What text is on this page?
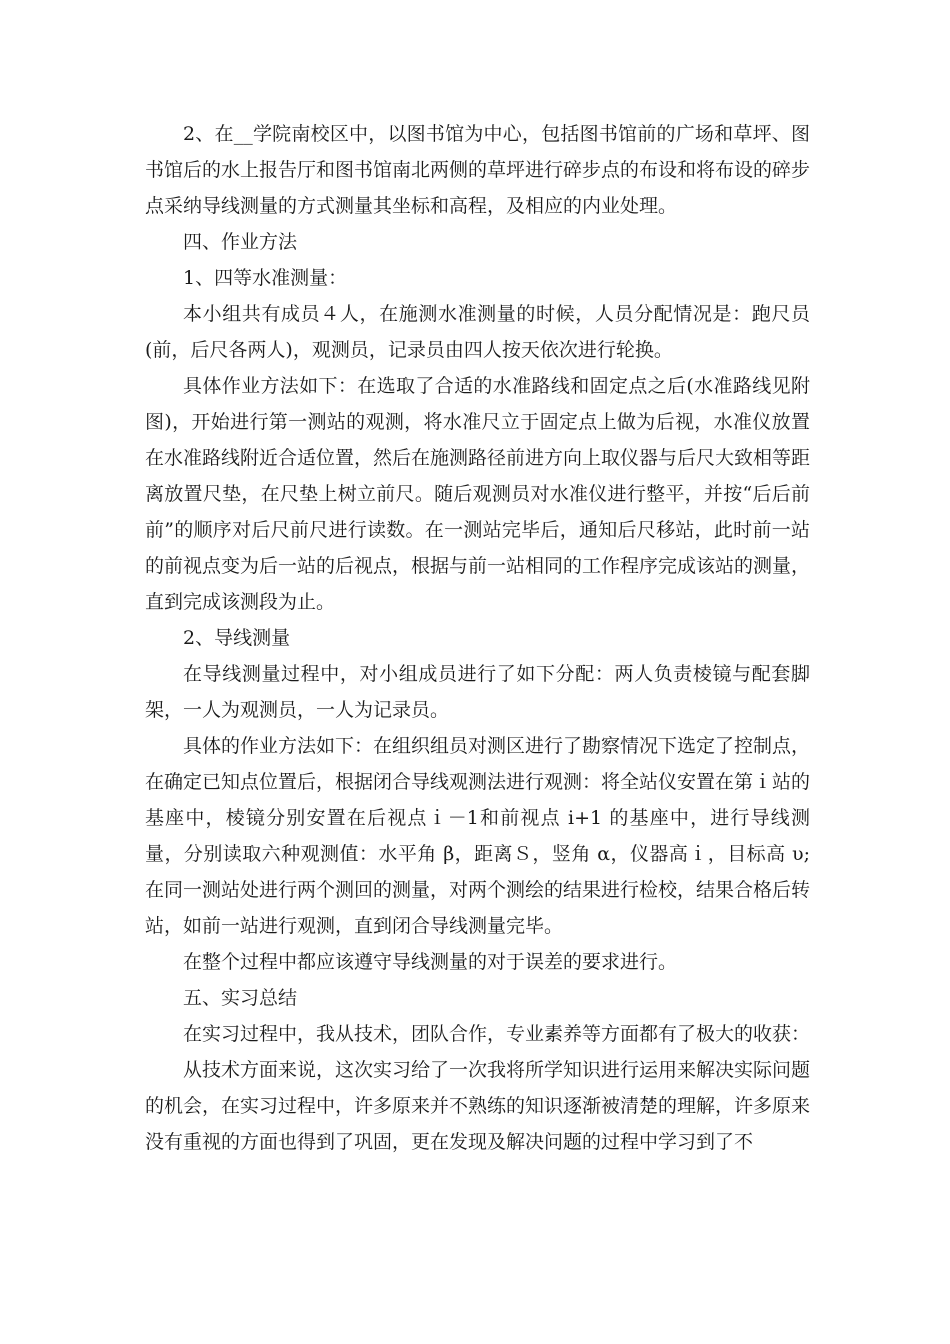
2、在__学院南校区中，以图书馆为中心，包括图书馆前的广场和草坪、图书馆后的水上报告厅和图书馆南北两侧的草坪进行碎步点的布设和将布设的碎步点采纳导线测量的方式测量其坐标和高程，及相应的内业处理。

四、作业方法

1、四等水准测量：

本小组共有成员４人，在施测水准测量的时候，人员分配情况是：跑尺员(前，后尺各两人)，观测员，记录员由四人按天依次进行轮换。

具体作业方法如下：在选取了合适的水准路线和固定点之后(水准路线见附图)，开始进行第一测站的观测，将水准尺立于固定点上做为后视，水准仪放置在水准路线附近合适位置，然后在施测路径前进方向上取仪器与后尺大致相等距离放置尺垫，在尺垫上树立前尺。随后观测员对水准仪进行整平，并按“后后前前”的顺序对后尺前尺进行读数。在一测站完毕后，通知后尺移站，此时前一站的前视点变为后一站的后视点，根据与前一站相同的工作程序完成该站的测量，直到完成该测段为止。

2、导线测量

在导线测量过程中，对小组成员进行了如下分配：两人负责棱镜与配套脚架，一人为观测员，一人为记录员。

具体的作业方法如下：在组织组员对测区进行了勘察情况下选定了控制点，在确定已知点位置后，根据闭合导线观测法进行观测：将全站仪安置在第ｉ站的基座中，棱镜分别安置在后视点ｉ－1和前视点 i+1 的基座中，进行导线测量，分别读取六种观测值：水平角 β，距离Ｓ，竖角 α，仪器高ｉ，目标高 υ;在同一测站处进行两个测回的测量，对两个测绘的结果进行检校，结果合格后转站，如前一站进行观测，直到闭合导线测量完毕。

在整个过程中都应该遵守导线测量的对于误差的要求进行。

五、实习总结

在实习过程中，我从技术，团队合作，专业素养等方面都有了极大的收获：

从技术方面来说，这次实习给了一次我将所学知识进行运用来解决实际问题的机会，在实习过程中，许多原来并不熟练的知识逐渐被清楚的理解，许多原来没有重视的方面也得到了巩固，更在发现及解决问题的过程中学习到了不
